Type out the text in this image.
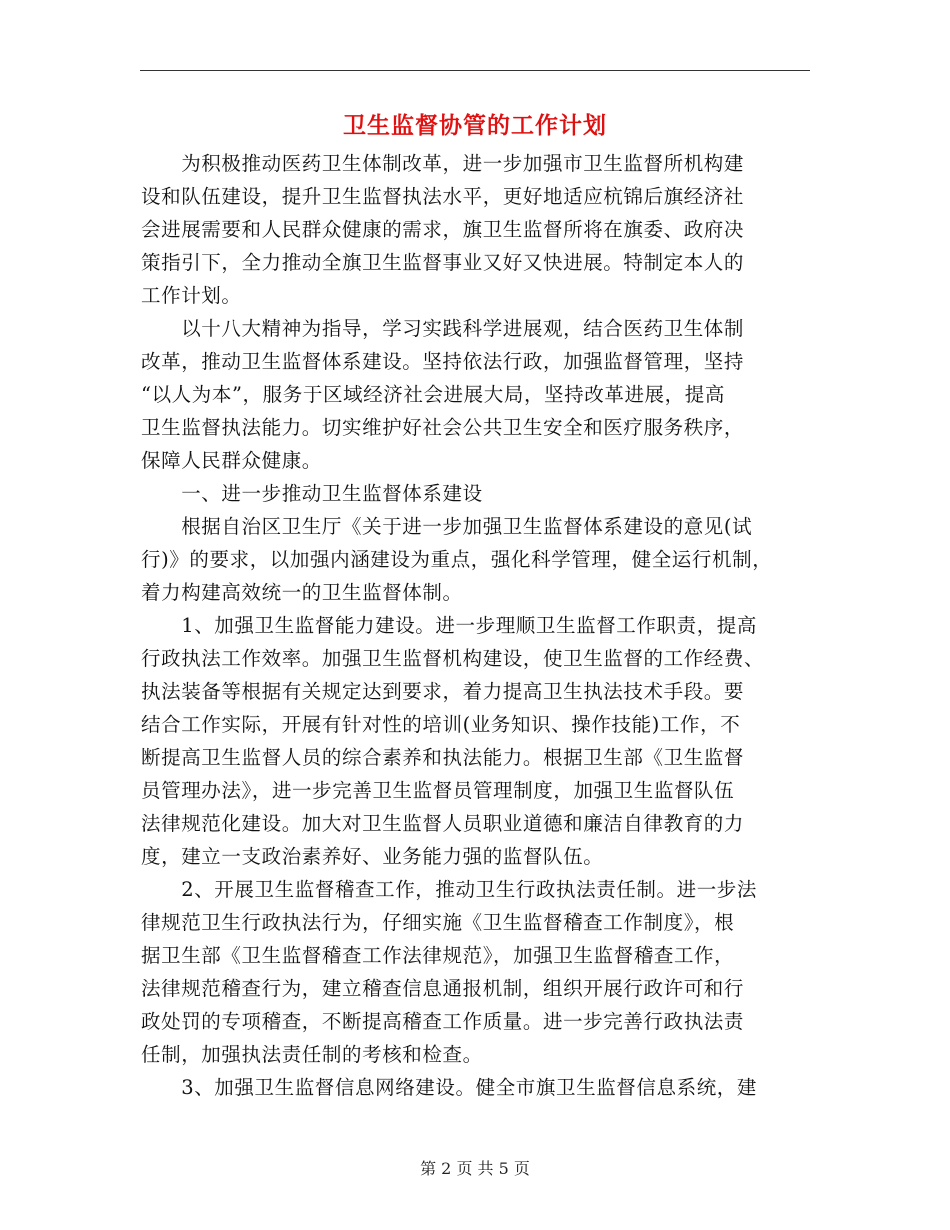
卫生监督协管的工作计划
　　为积极推动医药卫生体制改革，进一步加强市卫生监督所机构建
设和队伍建设，提升卫生监督执法水平，更好地适应杭锦后旗经济社
会进展需要和人民群众健康的需求，旗卫生监督所将在旗委、政府决
策指引下，全力推动全旗卫生监督事业又好又快进展。特制定本人的
工作计划。
　　以十八大精神为指导，学习实践科学进展观，结合医药卫生体制
改革，推动卫生监督体系建设。坚持依法行政，加强监督管理，坚持
“以人为本”，服务于区域经济社会进展大局，坚持改革进展，提高
卫生监督执法能力。切实维护好社会公共卫生安全和医疗服务秩序，
保障人民群众健康。
　　一、进一步推动卫生监督体系建设
　　根据自治区卫生厅《关于进一步加强卫生监督体系建设的意见(试
行)》的要求，以加强内涵建设为重点，强化科学管理，健全运行机制，
着力构建高效统一的卫生监督体制。
　　1、加强卫生监督能力建设。进一步理顺卫生监督工作职责，提高
行政执法工作效率。加强卫生监督机构建设，使卫生监督的工作经费、
执法装备等根据有关规定达到要求，着力提高卫生执法技术手段。要
结合工作实际，开展有针对性的培训(业务知识、操作技能)工作，不
断提高卫生监督人员的综合素养和执法能力。根据卫生部《卫生监督
员管理办法》，进一步完善卫生监督员管理制度，加强卫生监督队伍
法律规范化建设。加大对卫生监督人员职业道德和廉洁自律教育的力
度，建立一支政治素养好、业务能力强的监督队伍。
　　2、开展卫生监督稽查工作，推动卫生行政执法责任制。进一步法
律规范卫生行政执法行为，仔细实施《卫生监督稽查工作制度》，根
据卫生部《卫生监督稽查工作法律规范》，加强卫生监督稽查工作，
法律规范稽查行为，建立稽查信息通报机制，组织开展行政许可和行
政处罚的专项稽查，不断提高稽查工作质量。进一步完善行政执法责
任制，加强执法责任制的考核和检查。
　　3、加强卫生监督信息网络建设。健全市旗卫生监督信息系统，建
第 2 页 共 5 页
